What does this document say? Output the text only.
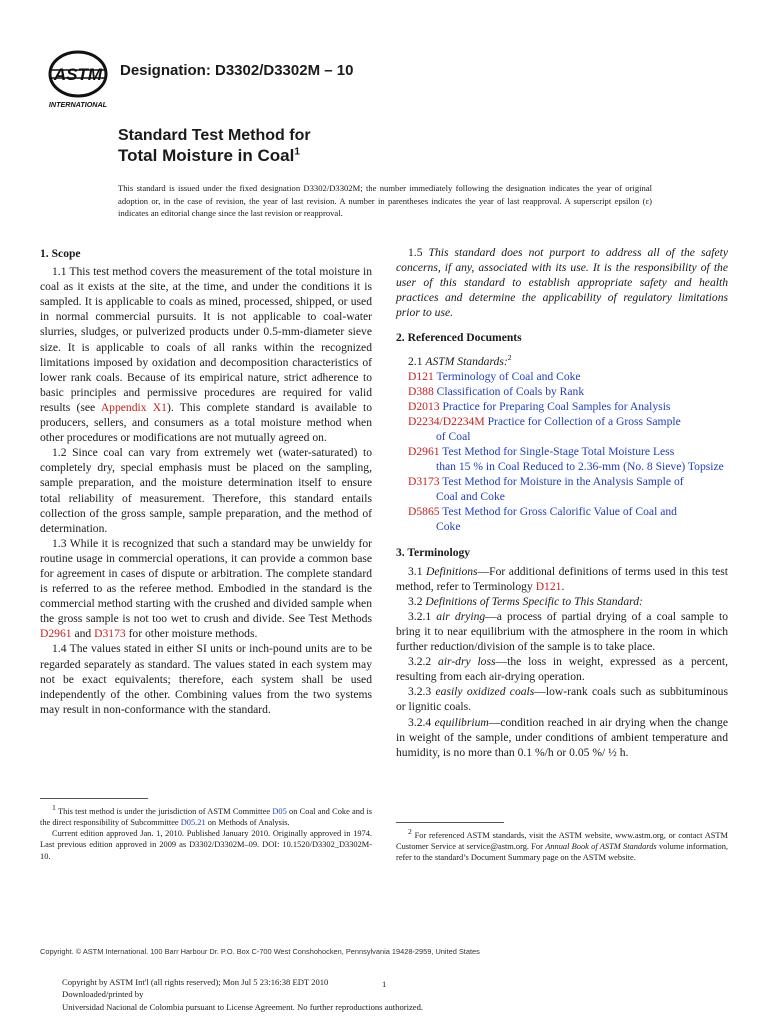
ASTM
INTERNATIONAL
Designation: D3302/D3302M – 10
Standard Test Method for
Total Moisture in Coal$^1$
This standard is issued under the fixed designation D3302/D3302M; the number immediately following the designation indicates the year of original adoption or, in the case of revision, the year of last revision. A number in parentheses indicates the year of last reapproval. A superscript epsilon (ε) indicates an editorial change since the last revision or reapproval.
1. Scope

1.1 This test method covers the measurement of the total moisture in coal as it exists at the site, at the time, and under the conditions it is sampled. It is applicable to coals as mined, processed, shipped, or used in normal commercial pursuits. It is not applicable to coal-water slurries, sludges, or pulverized products under 0.5-mm-diameter sieve size. It is applicable to coals of all ranks within the recognized limitations imposed by oxidation and decomposition characteristics of lower rank coals. Because of its empirical nature, strict adherence to basic principles and permissive procedures are required for valid results (see Appendix X1). This complete standard is available to producers, sellers, and consumers as a total moisture method when other procedures or modifications are not mutually agreed on.

1.2 Since coal can vary from extremely wet (water-saturated) to completely dry, special emphasis must be placed on the sampling, sample preparation, and the moisture determination itself to ensure total reliability of measurement. Therefore, this standard entails collection of the gross sample, sample preparation, and the method of determination.

1.3 While it is recognized that such a standard may be unwieldy for routine usage in commercial operations, it can provide a common base for agreement in cases of dispute or arbitration. The complete standard is referred to as the referee method. Embodied in the standard is the commercial method starting with the crushed and divided sample when the gross sample is not too wet to crush and divide. See Test Methods D2961 and D3173 for other moisture methods.

1.4 The values stated in either SI units or inch-pound units are to be regarded separately as standard. The values stated in each system may not be exact equivalents; therefore, each system shall be used independently of the other. Combining values from the two systems may result in non-conformance with the standard.

$^1$ This test method is under the jurisdiction of ASTM Committee D05 on Coal and Coke and is the direct responsibility of Subcommittee D05.21 on Methods of Analysis.
Current edition approved Jan. 1, 2010. Published January 2010. Originally approved in 1974. Last previous edition approved in 2009 as D3302/D3302M–09. DOI: 10.1520/D3302_D3302M-10.

1.5 This standard does not purport to address all of the safety concerns, if any, associated with its use. It is the responsibility of the user of this standard to establish appropriate safety and health practices and determine the applicability of regulatory limitations prior to use.

2. Referenced Documents
2.1 ASTM Standards:$^2$
D121 Terminology of Coal and Coke
D388 Classification of Coals by Rank
D2013 Practice for Preparing Coal Samples for Analysis
D2234/D2234M Practice for Collection of a Gross Sample
of Coal
D2961 Test Method for Single-Stage Total Moisture Less
than 15 % in Coal Reduced to 2.36-mm (No. 8 Sieve) Topsize
D3173 Test Method for Moisture in the Analysis Sample of
Coal and Coke
D5865 Test Method for Gross Calorific Value of Coal and
Coke
3. Terminology

3.1 Definitions—For additional definitions of terms used in this test method, refer to Terminology D121.

3.2 Definitions of Terms Specific to This Standard:

3.2.1 air drying—a process of partial drying of a coal sample to bring it to near equilibrium with the atmosphere in the room in which further reduction/division of the sample is to take place.

3.2.2 air-dry loss—the loss in weight, expressed as a percent, resulting from each air-drying operation.

3.2.3 easily oxidized coals—low-rank coals such as subbituminous or lignitic coals.

3.2.4 equilibrium—condition reached in air drying when the change in weight of the sample, under conditions of ambient temperature and humidity, is no more than 0.1 %/h or 0.05 %/ ½ h.

$^2$ For referenced ASTM standards, visit the ASTM website, www.astm.org, or contact ASTM Customer Service at service@astm.org. For Annual Book of ASTM Standards volume information, refer to the standard’s Document Summary page on the ASTM website.
Copyright. © ASTM International. 100 Barr Harbour Dr. P.O. Box C-700 West Conshohocken, Pennsylvania 19428-2959, United States
Copyright by ASTM Int'l (all rights reserved); Mon Jul 5 23:16:38 EDT 2010	1
Downloaded/printed by
Universidad Nacional de Colombia pursuant to License Agreement. No further reproductions authorized.
